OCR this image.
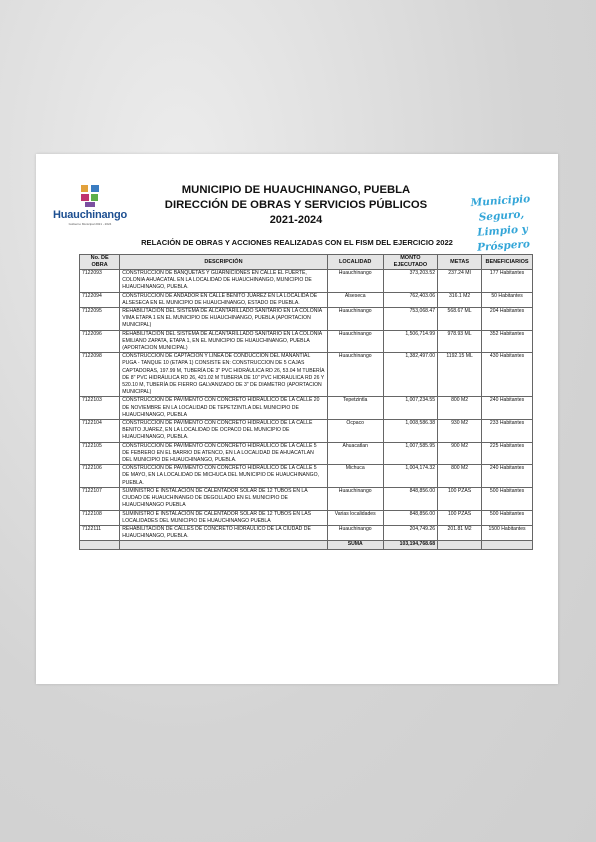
Huauchinango
Gobierno Municipal 2021 - 2024
MUNICIPIO DE HUAUCHINANGO, PUEBLA
DIRECCIÓN DE OBRAS Y SERVICIOS PÚBLICOS
2021-2024
Municipio Seguro,
Limpio y Próspero
RELACIÓN DE OBRAS Y ACCIONES REALIZADAS CON EL FISM DEL EJERCICIO 2022
No. DE OBRA	DESCRIPCIÓN	LOCALIDAD	MONTO EJECUTADO	METAS	BENEFICIARIOS
7122093	CONSTRUCCION DE BANQUETAS Y GUARNICIONES EN CALLE EL FUERTE, COLONIA AHUACATAL EN LA LOCALIDAD DE HUAUCHINANGO, MUNICIPIO DE HUAUCHINANGO, PUEBLA.	Huauchinango	373,203.52	237.24 MI	177 Habitantes
7122094	CONSTRUCCION DE ANDADOR EN CALLE BENITO JUAREZ EN LA LOCALIDA DE ALSESECA EN EL MUNICIPIO DE HUAUCHINANGO, ESTADO DE PUEBLA.	Alseseca	762,403.06	316.1 M2	50 Habitantes
7122095	REHABILITACIÓN DEL SISTEMA DE ALCANTARILLADO SANITARIO EN LA COLONIA VIMA ETAPA 1 EN EL MUNICIPIO DE HUAUCHINANGO, PUEBLA (APORTACION MUNICIPAL)	Huauchinango	753,068.47	568.67 ML	204 Habitantes
7122096	REHABILITACIÓN DEL SISTEMA DE ALCANTARILLADO SANITARIO EN LA COLONIA EMILIANO ZAPATA, ETAPA 1, EN EL MUNICIPIO DE HUAUCHINANGO, PUEBLA (APORTACION MUNICIPAL)	Huauchinango	1,506,714.99	978.93 ML	352 Habitantes
7122098	CONSTRUCCION DE CAPTACION Y LINEA DE CONDUCCION DEL MANANTIAL PUGA - TANQUE 10 (ETAPA 1) CONSISTE EN: CONSTRUCCION DE 5 CAJAS CAPTADORAS, 197.99 M, TUBERÍA DE 3" PVC HIDRÁULICA RD 26, 53.04 M TUBERÍA DE 8" PVC HIDRÁULICA RD 26, 421.02 M TUBERIA DE 10" PVC HIDRAULICA RD 26 Y 520.10 M, TUBERÍA DE FIERRO GALVANIZADO DE 3" DE DIAMETRO (APORTACION MUNICIPAL)	Huauchinango	1,382,497.00	1192.15 ML	430 Habitantes
7122103	CONSTRUCCION DE PAVIMENTO CON CONCRETO HIDRAULICO DE LA CALLE 20 DE NOVIEMBRE EN LA LOCALIDAD DE TEPETZINTLA DEL MUNICIPIO DE HUAUCHINANGO, PUEBLA	Tepetzintla	1,007,234.55	800 M2	240 Habitantes
7122104	CONSTRUCCION DE PAVIMENTO CON CONCRETO HIDRAULICO DE LA CALLE BENITO JUAREZ, EN LA LOCALIDAD DE OCPACO DEL MUNICIPIO DE HUAUCHINANGO, PUEBLA.	Ocpaco	1,008,586.38	930 M2	233 Habitantes
7122105	CONSTRUCCION DE PAVIMENTO CON CONCRETO HIDRAULICO DE LA CALLE 5 DE FEBRERO EN EL BARRIO DE ATENCO, EN LA LOCALIDAD DE AHUACATLAN DEL MUNICIPIO DE HUAUCHINANGO, PUEBLA.	Ahuacatlan	1,007,585.95	900 M2	225 Habitantes
7122106	CONSTRUCCION DE PAVIMENTO CON CONCRETO HIDRAULICO DE LA CALLE 5 DE MAYO, EN LA LOCALIDAD DE MICHUCA DEL MUNICIPIO DE HUAUCHINANGO, PUEBLA.	Michuca	1,004,174.32	800 M2	240 Habitantes
7122107	SUMINISTRO E INSTALACIÓN DE CALENTADOR SOLAR DE 12 TUBOS EN LA CIUDAD DE HUAUCHINANGO DE DEGOLLADO EN EL MUNICIPIO DE HUAUCHINANGO PUEBLA	Huauchinango	848,856.00	100 PZAS	500 Habitantes
7122108	SUMINISTRO E INSTALACIÓN DE CALENTADOR SOLAR DE 12 TUBOS EN LAS LOCALIDADES DEL MUNICIPIO DE HUAUCHINANGO PUEBLA	Varias localidades	848,856.00	100 PZAS	500 Habitantes
7122111	REHABILITACIÓN DE CALLES DE CONCRETO HIDRAULICO DE LA CIUDAD DE HUAUCHINANGO, PUEBLA.	Huauchinango	204,749.26	201.81 M2	1500 Habitantes
		SUMA	103,194,768.68		
